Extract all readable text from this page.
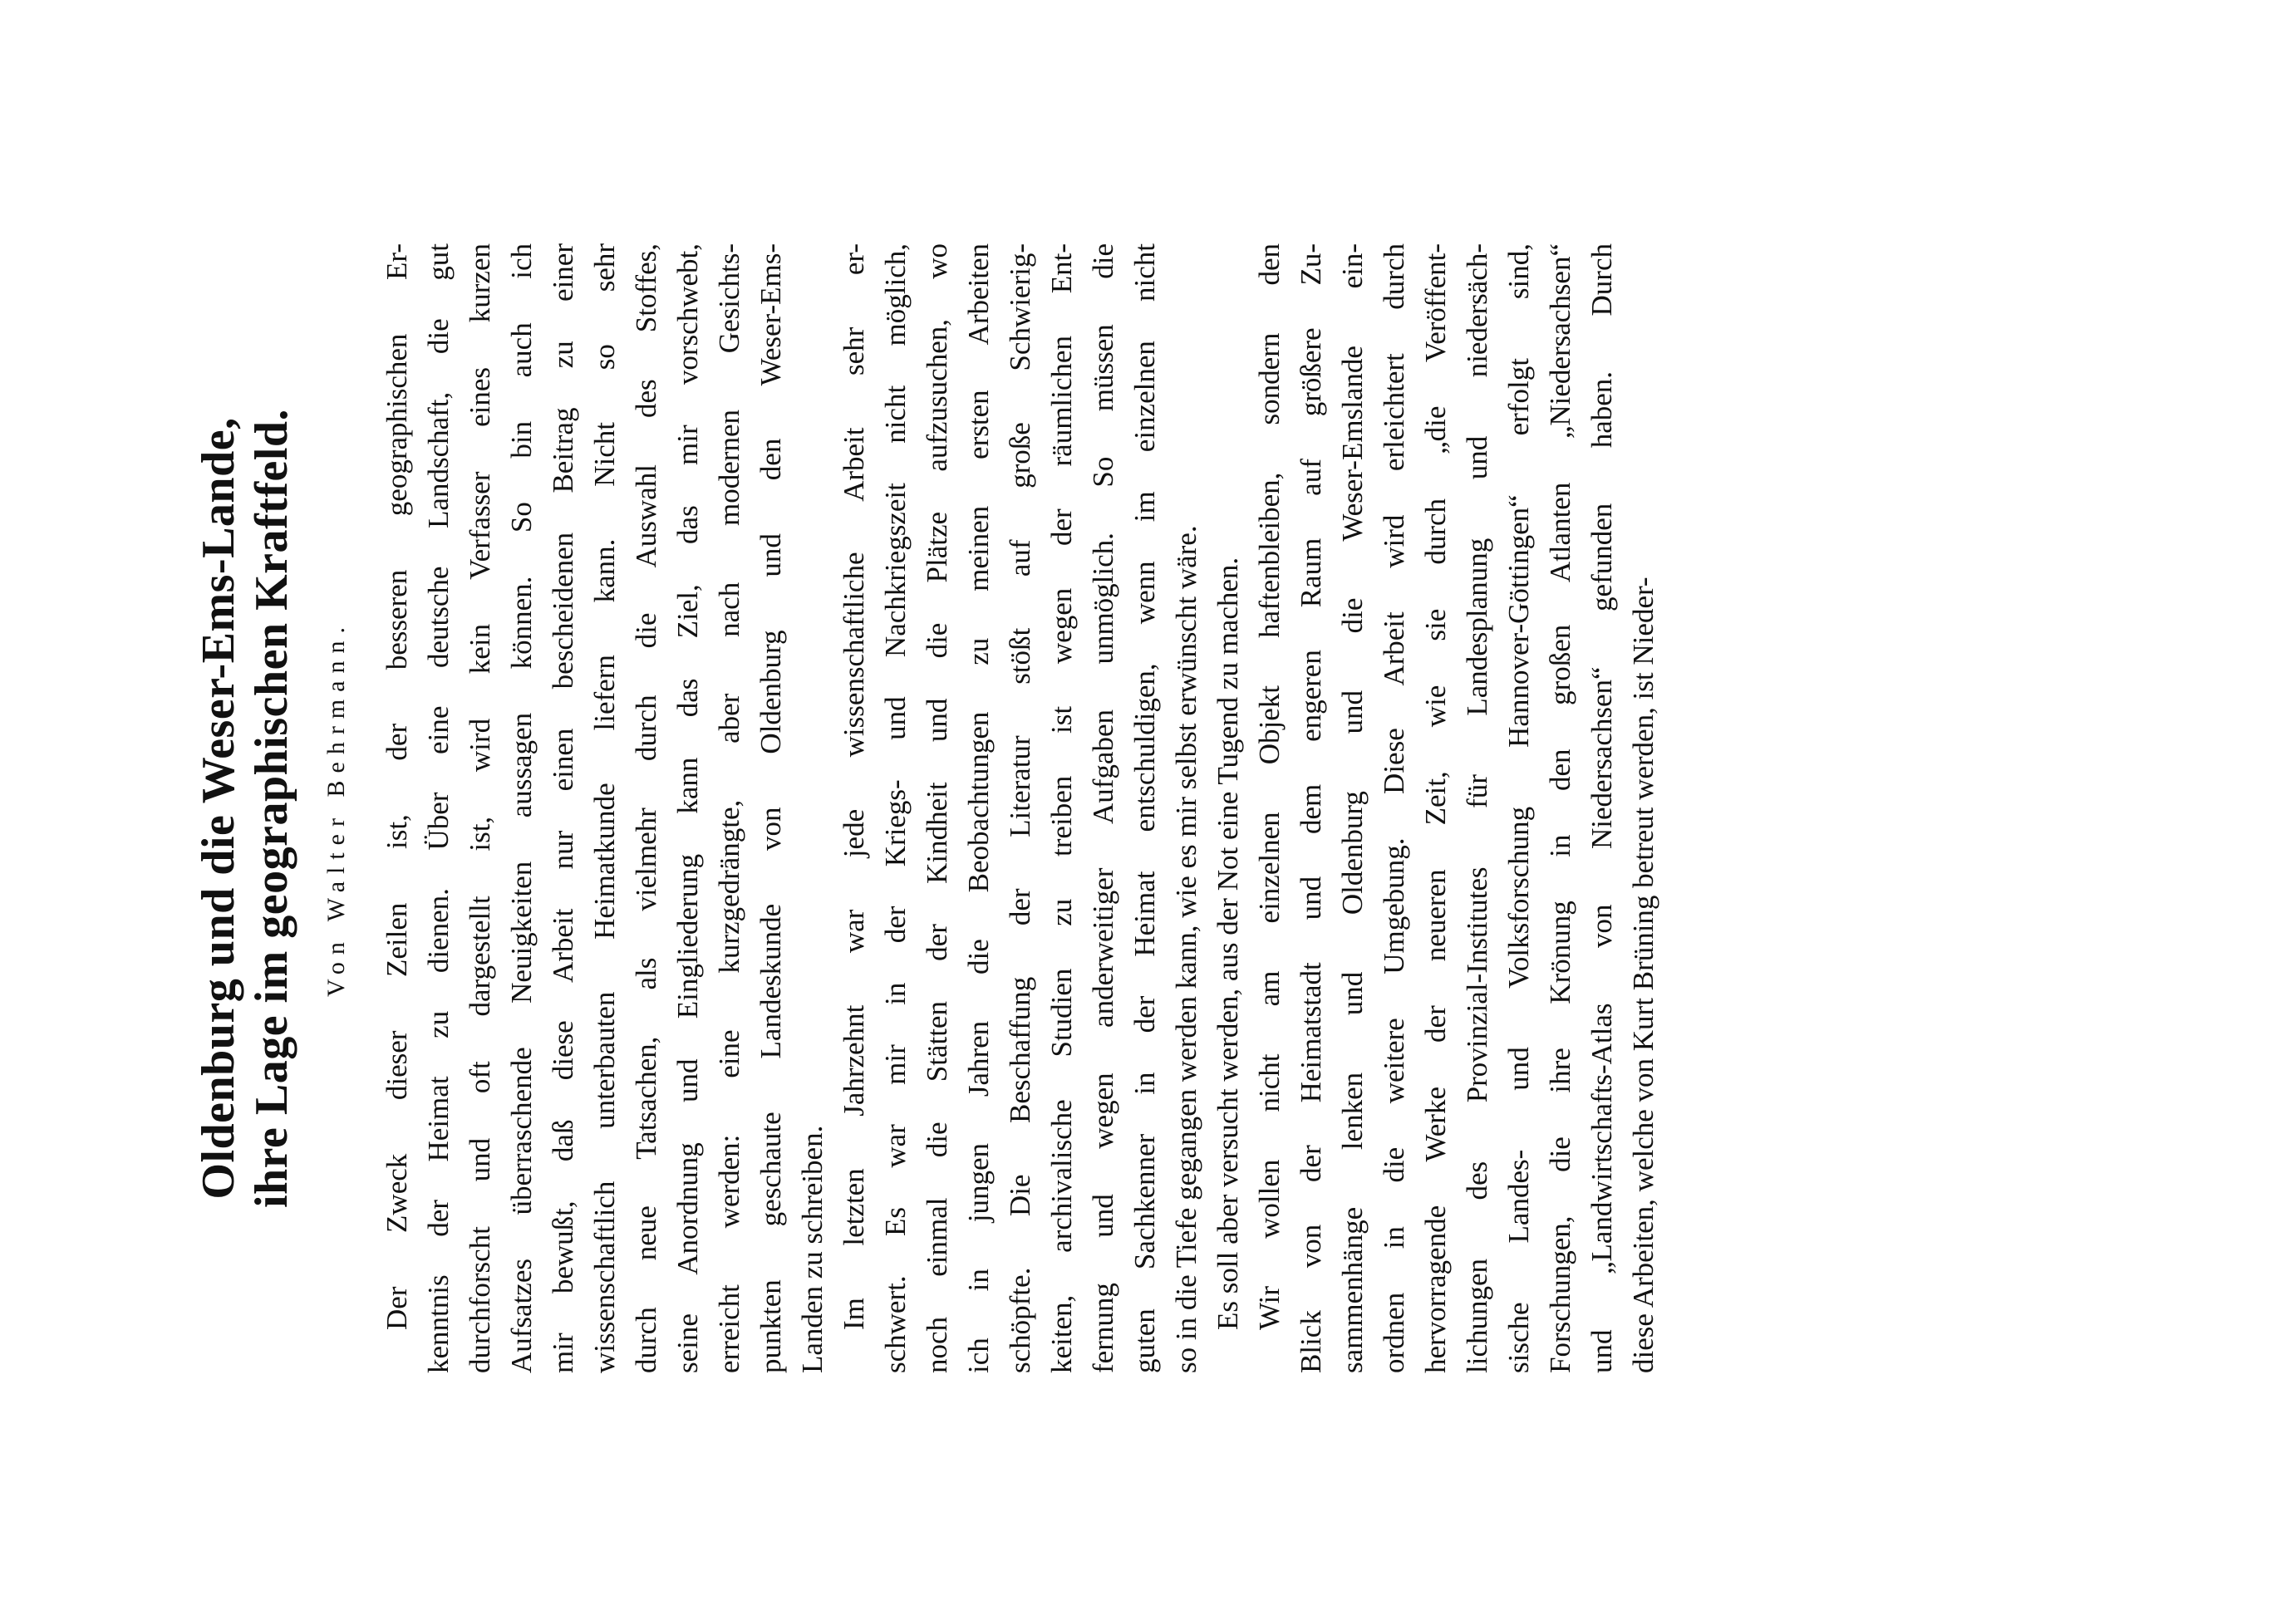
Oldenburg und die Weser-Ems-Lande, ihre Lage im geographischen Kraftfeld. Von Walter Behrmann. Der Zweck dieser Zeilen ist, der besseren geographischen Er- kenntnis der Heimat zu dienen. Über eine deutsche Landschaft, die gut durchforscht und oft dargestellt ist, wird kein Verfasser eines kurzen Aufsatzes überraschende Neuigkeiten aussagen können. So bin auch ich mir bewußt, daß diese Arbeit nur einen bescheidenen Beitrag zu einer wissenschaftlich unterbauten Heimatkunde liefern kann. Nicht so sehr durch neue Tatsachen, als vielmehr durch die Auswahl des Stoffes, seine Anordnung und Eingliederung kann das Ziel, das mir vorschwebt, erreicht werden: eine kurzgedrängte, aber nach modernen Gesichts- punkten geschaute Landeskunde von Oldenburg und den Weser-Ems- Landen zu schreiben. Im letzten Jahrzehnt war jede wissenschaftliche Arbeit sehr er- schwert. Es war mir in der Kriegs- und Nachkriegszeit nicht möglich, noch einmal die Stätten der Kindheit und die Plätze aufzusuchen, wo ich in jungen Jahren die Beobachtungen zu meinen ersten Arbeiten schöpfte. Die Beschaffung der Literatur stößt auf große Schwierig- keiten, archivalische Studien zu treiben ist wegen der räumlichen Ent- fernung und wegen anderweitiger Aufgaben unmöglich. So müssen die guten Sachkenner in der Heimat entschuldigen, wenn im einzelnen nicht so in die Tiefe gegangen werden kann, wie es mir selbst erwünscht wäre. Es soll aber versucht werden, aus der Not eine Tugend zu machen. Wir wollen nicht am einzelnen Objekt haftenbleiben, sondern den Blick von der Heimatstadt und dem engeren Raum auf größere Zu- sammenhänge lenken und Oldenburg und die Weser-Emslande ein- ordnen in die weitere Umgebung. Diese Arbeit wird erleichtert durch hervorragende Werke der neueren Zeit, wie sie durch „die Veröffent- lichungen des Provinzial-Institutes für Landesplanung und niedersäch- sische Landes- und Volksforschung Hannover-Göttingen“ erfolgt sind, Forschungen, die ihre Krönung in den großen Atlanten „Niedersachsen“ und „Landwirtschafts-Atlas von Niedersachsen“ gefunden haben. Durch diese Arbeiten, welche von Kurt Brüning betreut werden, ist Nieder-
